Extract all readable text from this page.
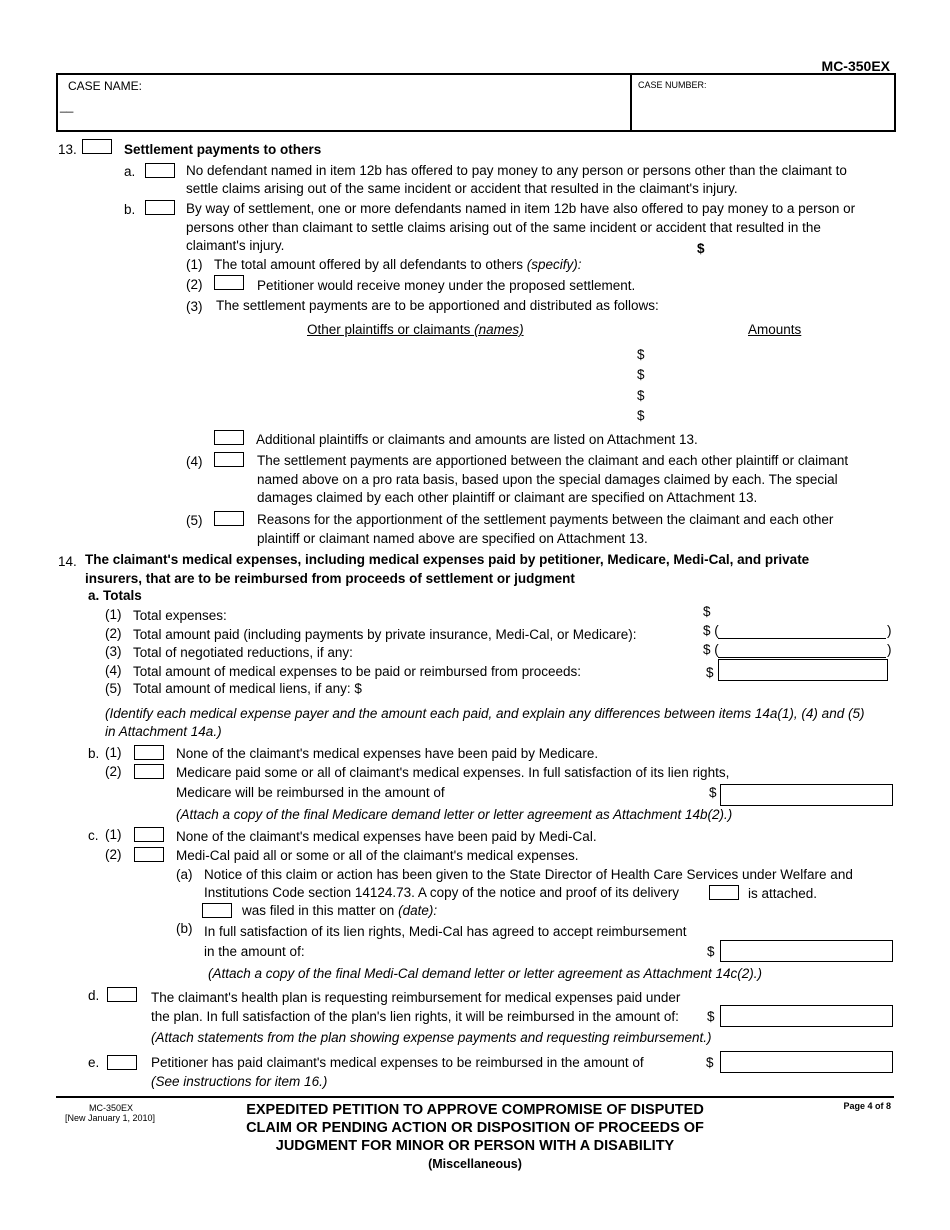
MC-350EX
CASE NAME:
__
CASE NUMBER:
13.	Settlement payments to others
a.	No defendant named in item 12b has offered to pay money to any person or persons other than the claimant to
settle claims arising out of the same incident or accident that resulted in the claimant's injury.
b.	By way of settlement, one or more defendants named in item 12b have also offered to pay money to a person or
persons other than claimant to settle claims arising out of the same incident or accident that resulted in the
claimant's injury.	$
(1) The total amount offered by all defendants to others (specify):
(2)	Petitioner would receive money under the proposed settlement.
(3) The settlement payments are to be apportioned and distributed as follows:
Other plaintiffs or claimants (names)	Amounts
$
$
$
$
Additional plaintiffs or claimants and amounts are listed on Attachment 13.
(4)	The settlement payments are apportioned between the claimant and each other plaintiff or claimant
named above on a pro rata basis, based upon the special damages claimed by each. The special
damages claimed by each other plaintiff or claimant are specified on Attachment 13.
(5)	Reasons for the apportionment of the settlement payments between the claimant and each other
plaintiff or claimant named above are specified on Attachment 13.
14. The claimant's medical expenses, including medical expenses paid by petitioner, Medicare, Medi-Cal, and private
insurers, that are to be reimbursed from proceeds of settlement or judgment
a. Totals
(1) Total expenses:	$
(2) Total amount paid (including payments by private insurance, Medi-Cal, or Medicare):	$ (	)
(3) Total of negotiated reductions, if any:	$ (	)
(4) Total amount of medical expenses to be paid or reimbursed from proceeds:	$
(5) Total amount of medical liens, if any: $
(Identify each medical expense payer and the amount each paid, and explain any differences between items 14a(1), (4) and (5)
in Attachment 14a.)
b. (1)	None of the claimant's medical expenses have been paid by Medicare.
(2)	Medicare paid some or all of claimant's medical expenses. In full satisfaction of its lien rights,
Medicare will be reimbursed in the amount of	$
(Attach a copy of the final Medicare demand letter or letter agreement as Attachment 14b(2).)
c. (1)	None of the claimant's medical expenses have been paid by Medi-Cal.
(2)	Medi-Cal paid all or some or all of the claimant's medical expenses.
(a) Notice of this claim or action has been given to the State Director of Health Care Services under Welfare and
Institutions Code section 14124.73. A copy of the notice and proof of its delivery	is attached.
was filed in this matter on (date):
(b) In full satisfaction of its lien rights, Medi-Cal has agreed to accept reimbursement
in the amount of:	$
(Attach a copy of the final Medi-Cal demand letter or letter agreement as Attachment 14c(2).)
d.	The claimant's health plan is requesting reimbursement for medical expenses paid under
the plan. In full satisfaction of the plan's lien rights, it will be reimbursed in the amount of: $
(Attach statements from the plan showing expense payments and requesting reimbursement.)
e.	Petitioner has paid claimant's medical expenses to be reimbursed in the amount of	$
(See instructions for item 16.)
MC-350EX
[New January 1, 2010]	EXPEDITED PETITION TO APPROVE COMPROMISE OF DISPUTED
CLAIM OR PENDING ACTION OR DISPOSITION OF PROCEEDS OF
JUDGMENT FOR MINOR OR PERSON WITH A DISABILITY
(Miscellaneous)
Page 4 of 8
